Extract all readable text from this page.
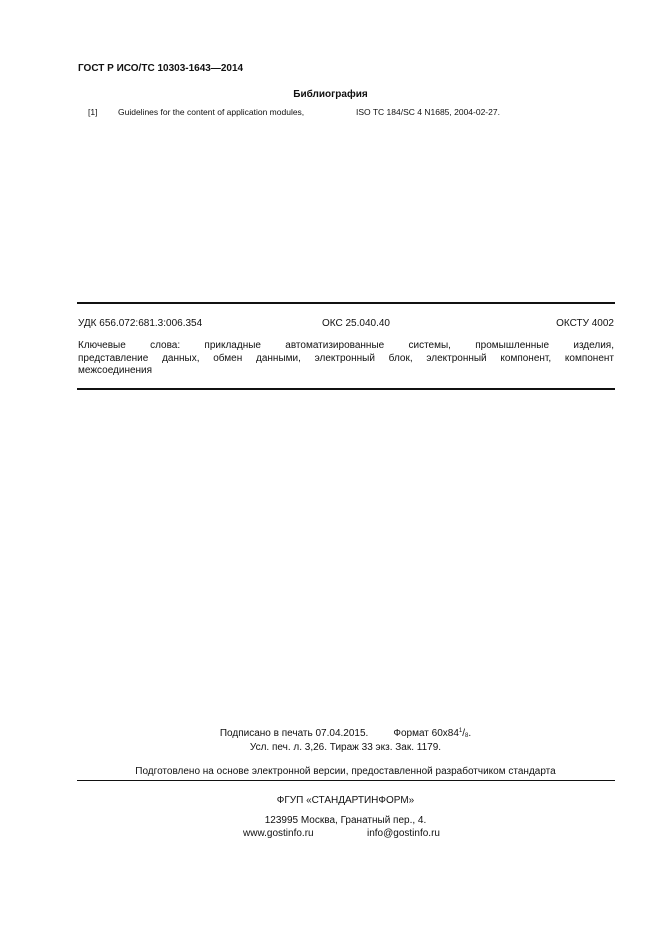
ГОСТ Р ИСО/ТС 10303-1643—2014
Библиография
[1] Guidelines for the content of application modules,	ISO TC 184/SC 4 N1685, 2004-02-27.
УДК 656.072:681.3:006.354	ОКС 25.040.40	ОКСТУ 4002
Ключевые слова: прикладные автоматизированные системы, промышленные изделия,
представление данных, обмен данными, электронный блок, электронный компонент, компонент
межсоединения
Подписано в печать 07.04.2015.	Формат $60x84^1/8$.
Усл. печ. л. 3,26. Тираж 33 экз. Зак. 1179.
Подготовлено на основе электронной версии, предоставленной разработчиком стандарта
ФГУП «СТАНДАРТИНФОРМ»
123995 Москва, Гранатный пер., 4.
www.gostinfo.ru	info@gostinfo.ru
